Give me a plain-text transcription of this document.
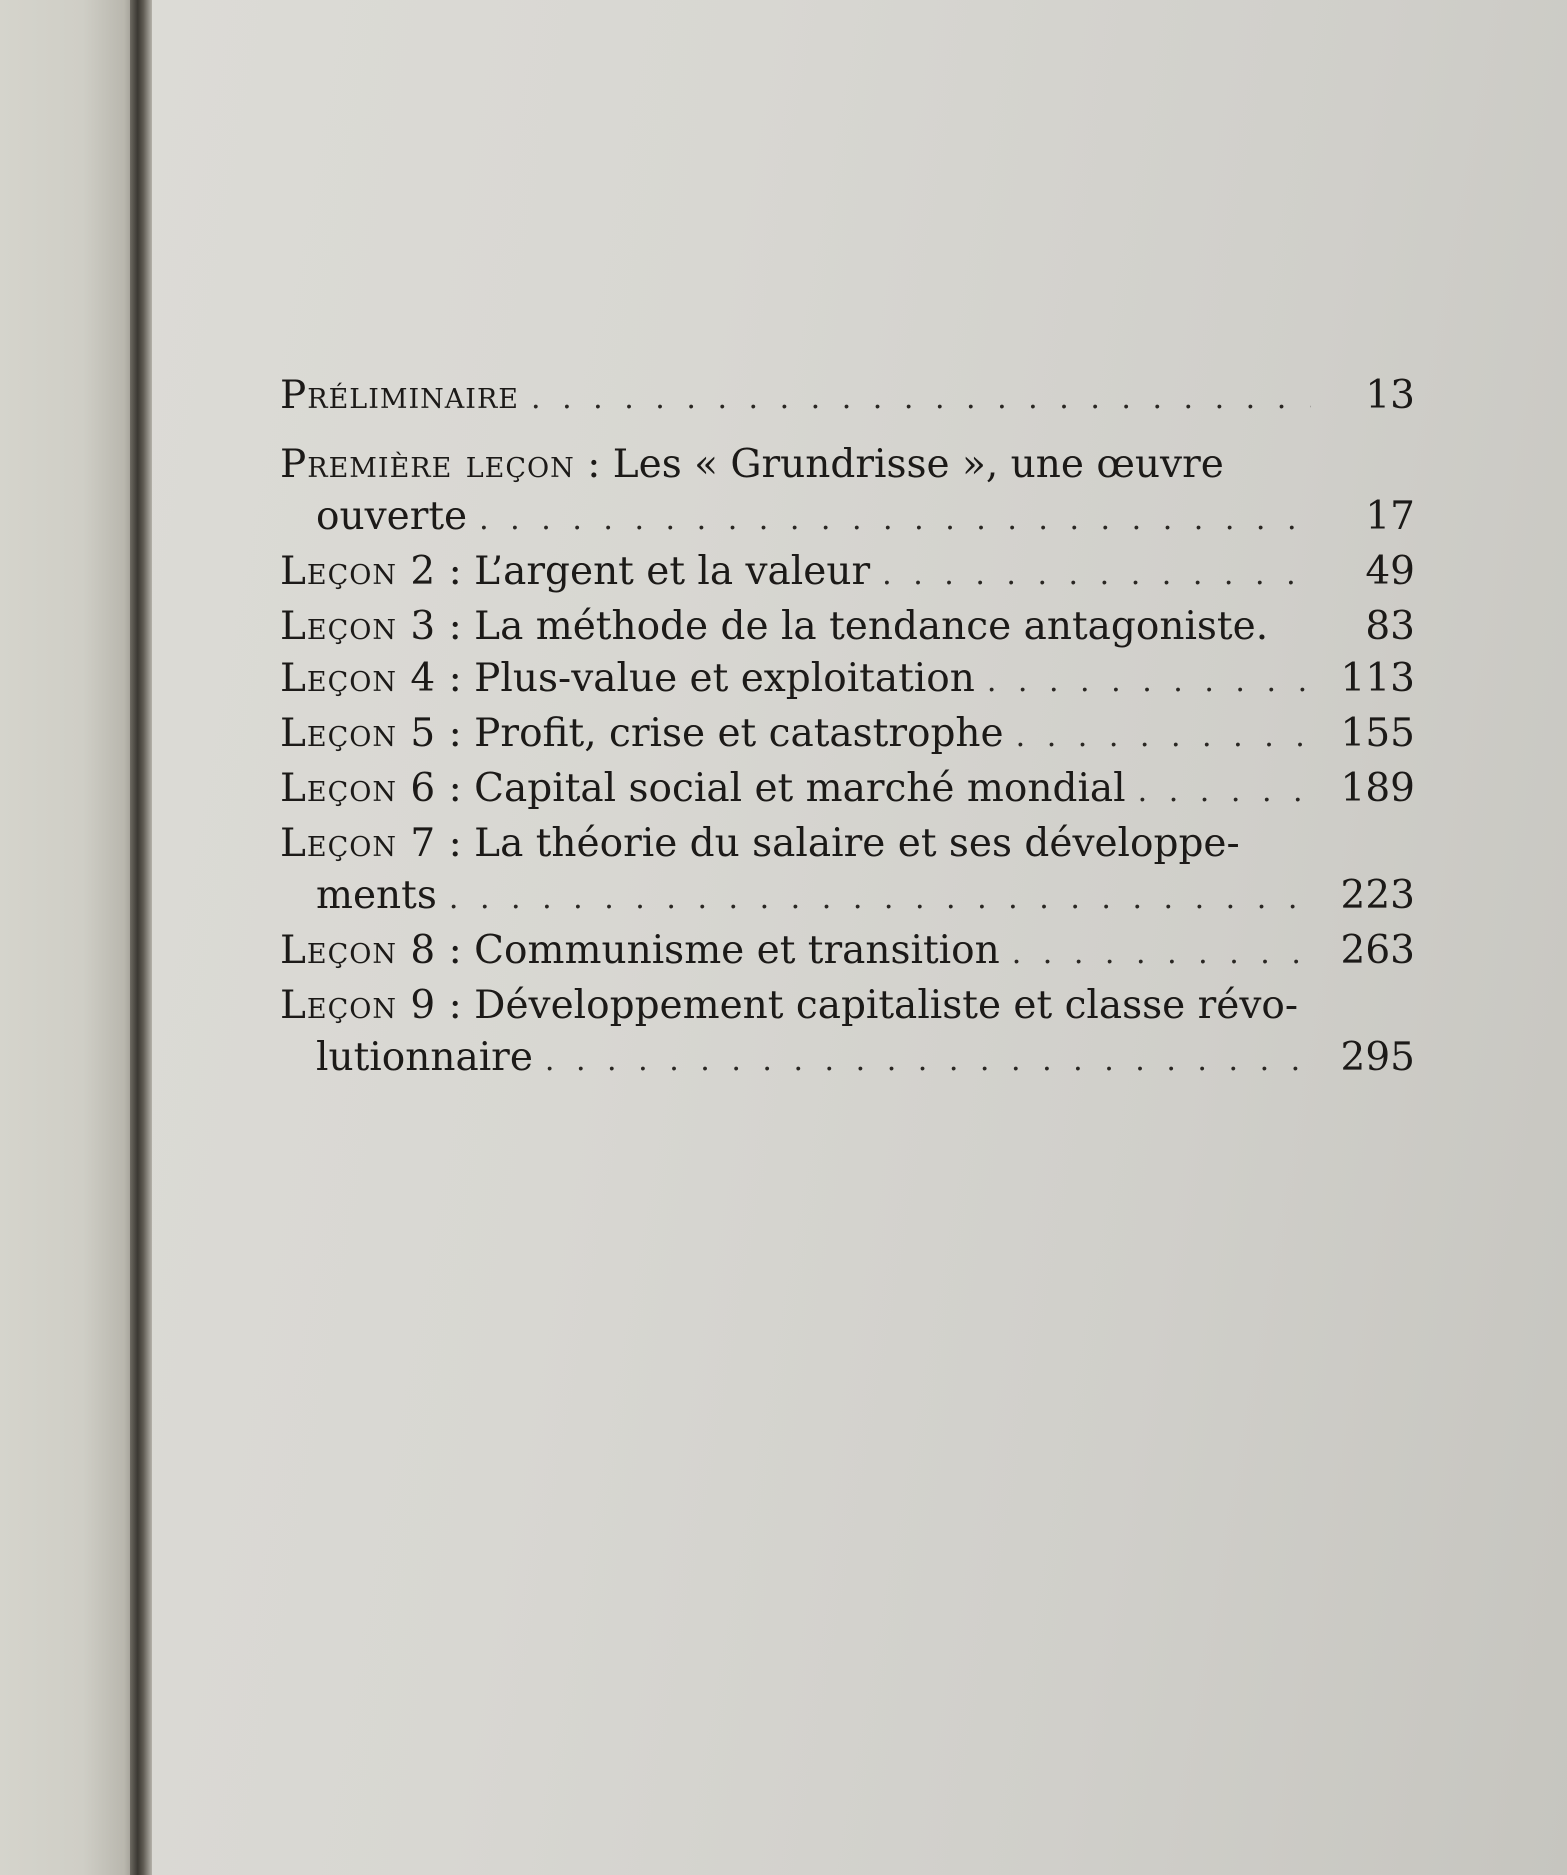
Préliminaire . . .	13
Première leçon : Les « Grundrisse », une œuvre
ouverte . . .	17
Leçon 2 : L’argent et la valeur . . .	49
Leçon 3 : La méthode de la tendance antagoniste.	83
Leçon 4 : Plus-value et exploitation . . .	113
Leçon 5 : Profit, crise et catastrophe . . .	155
Leçon 6 : Capital social et marché mondial . . .	189
Leçon 7 : La théorie du salaire et ses développe-
ments . . .	223
Leçon 8 : Communisme et transition . . .	263
Leçon 9 : Développement capitaliste et classe révo-
lutionnaire . . .	295
